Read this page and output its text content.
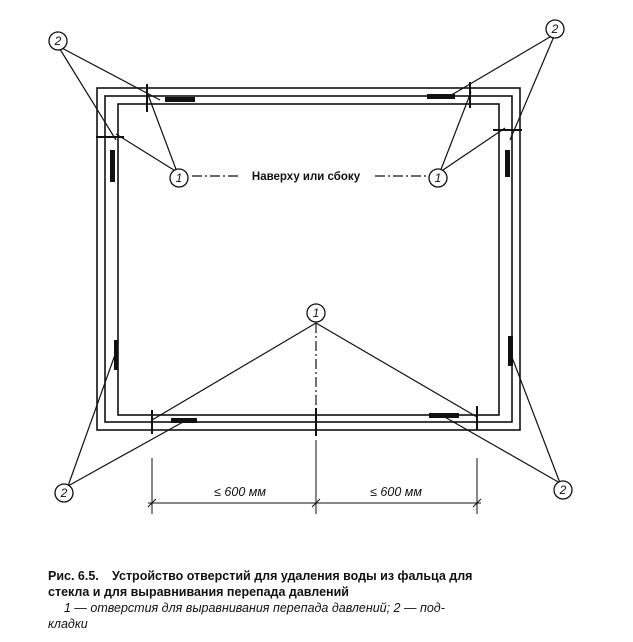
2
2
1	1
1
2	2
Наверху или сбоку
≤ 600 мм	≤ 600 мм
Рис. 6.5. Устройство отверстий для удаления воды из фальца для
стекла и для выравнивания перепада давлений
1 — отверстия для выравнивания перепада давлений; 2 — под-
кладки
